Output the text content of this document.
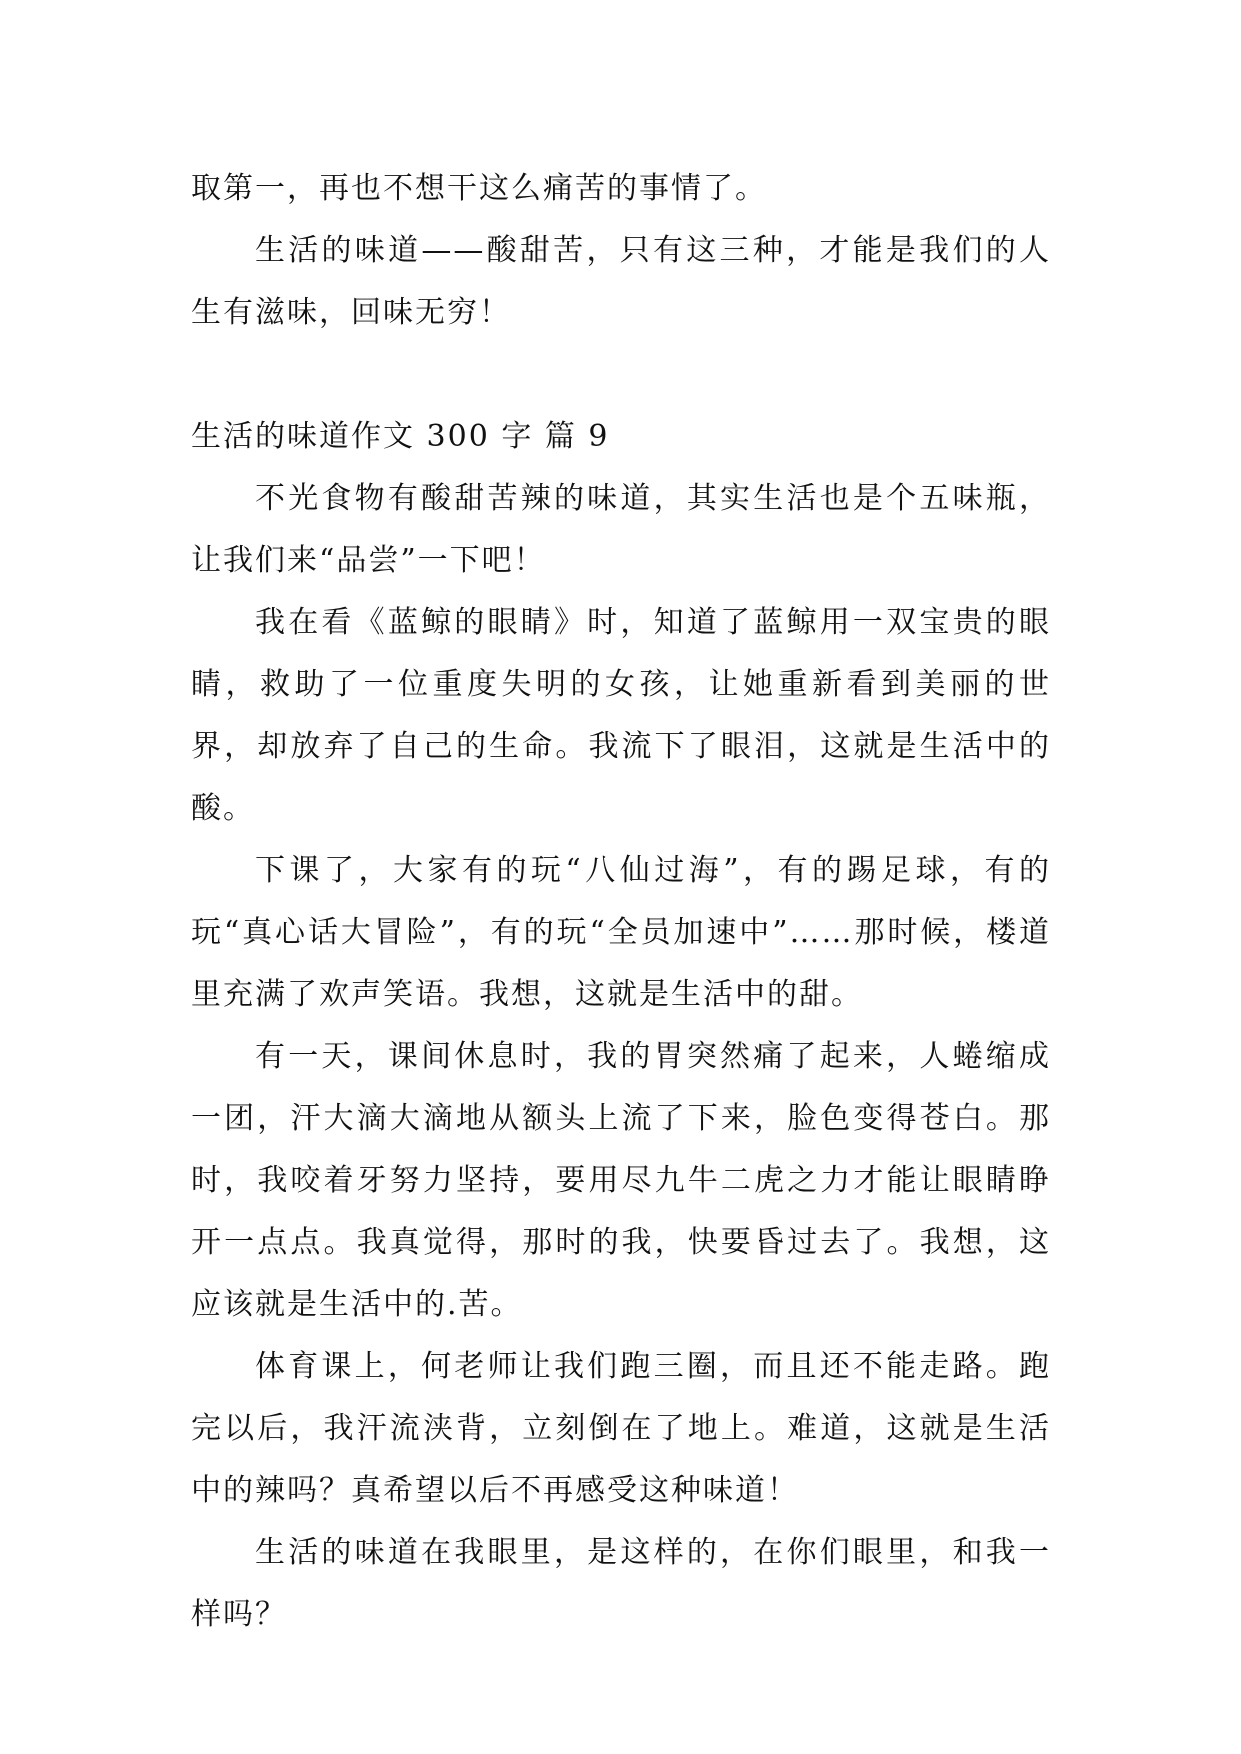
取第一，再也不想干这么痛苦的事情了。

生活的味道——酸甜苦，只有这三种，才能是我们的人生有滋味，回味无穷！

生活的味道作文 300 字 篇 9

不光食物有酸甜苦辣的味道，其实生活也是个五味瓶，让我们来“品尝”一下吧！

我在看《蓝鲸的眼睛》时，知道了蓝鲸用一双宝贵的眼睛，救助了一位重度失明的女孩，让她重新看到美丽的世界，却放弃了自己的生命。我流下了眼泪，这就是生活中的酸。

下课了，大家有的玩“八仙过海”，有的踢足球，有的玩“真心话大冒险”，有的玩“全员加速中”……那时候，楼道里充满了欢声笑语。我想，这就是生活中的甜。

有一天，课间休息时，我的胃突然痛了起来，人蜷缩成一团，汗大滴大滴地从额头上流了下来，脸色变得苍白。那时，我咬着牙努力坚持，要用尽九牛二虎之力才能让眼睛睁开一点点。我真觉得，那时的我，快要昏过去了。我想，这应该就是生活中的.苦。

体育课上，何老师让我们跑三圈，而且还不能走路。跑完以后，我汗流浃背，立刻倒在了地上。难道，这就是生活中的辣吗？真希望以后不再感受这种味道！

生活的味道在我眼里，是这样的，在你们眼里，和我一样吗？
